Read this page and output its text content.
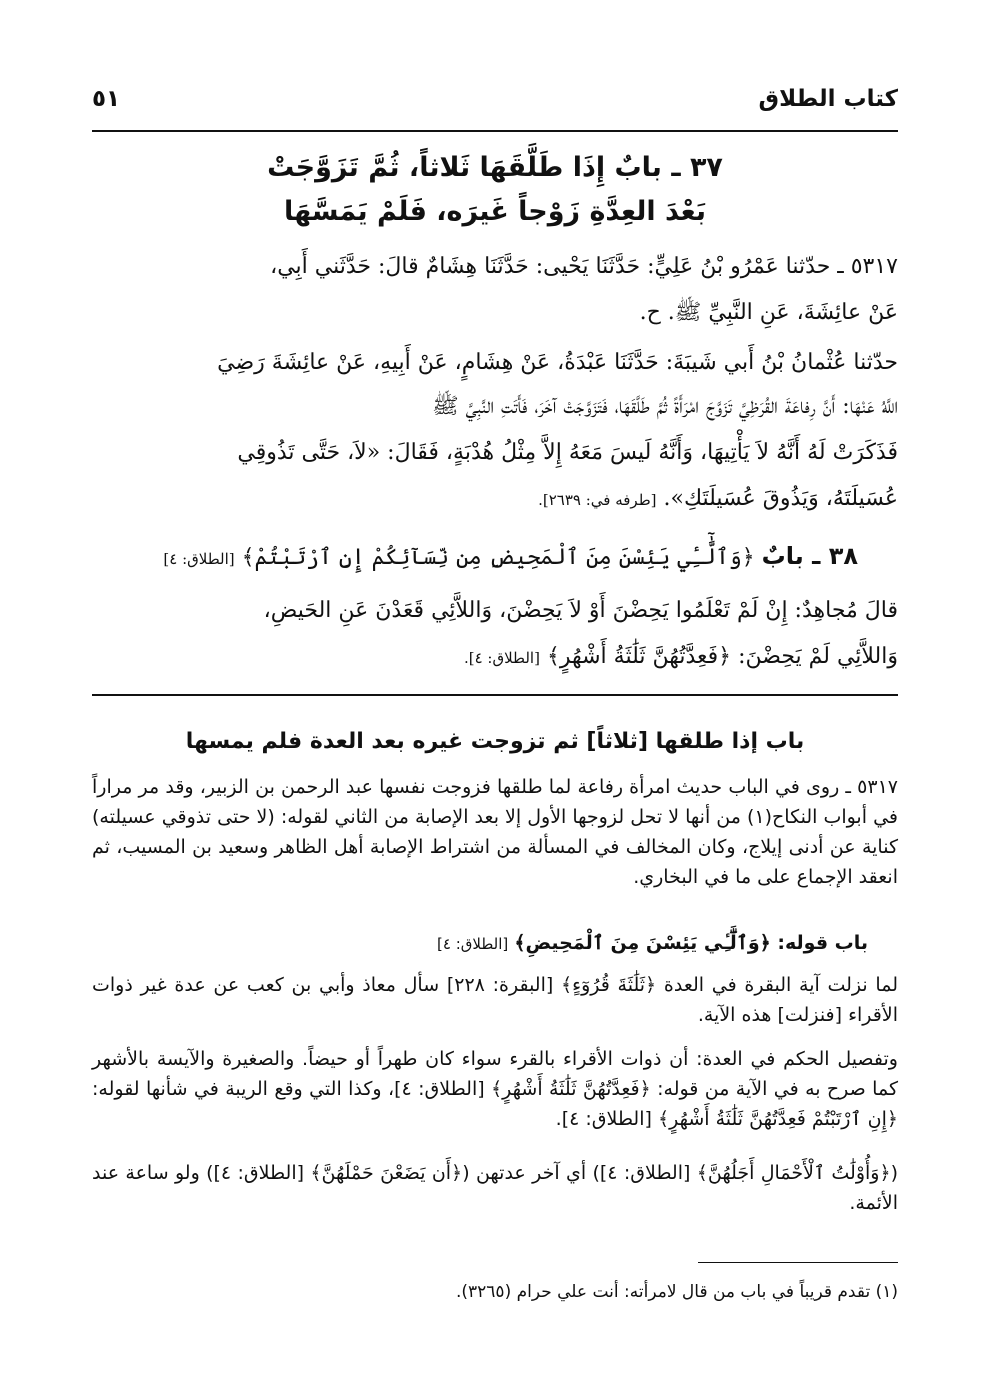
كتاب الطلاق
٥١
٣٧ ـ بابٌ إِذَا طَلَّقَهَا ثَلاثاً، ثُمَّ تَزَوَّجَتْ
بَعْدَ العِدَّةِ زَوْجاً غَيرَه، فَلَمْ يَمَسَّهَا
٥٣١٧ ـ حدّثنا عَمْرُو بْنُ عَلِيٍّ: حَدَّثَنَا يَحْيى: حَدَّثَنَا هِشَامٌ قالَ: حَدَّثَني أَبِي،
عَنْ عائِشَةَ، عَنِ النَّبِيِّ ﷺ. ح.
حدّثنا عُثْمانُ بْنُ أَبي شَيبَةَ: حَدَّثَنَا عَبْدَةُ، عَنْ هِشَامٍ، عَنْ أَبِيهِ، عَنْ عائِشَةَ رَضِيَ
اللَّهُ عَنْهَا: أَنَّ رِفاعَةَ القُرَظِيَّ تَزَوَّجَ امْرَأَةً ثُمَّ طَلَّقَهَا، فَتَزَوَّجَتْ آخَرَ، فَأَتَتِ النَّبِيَّ ﷺ
فَذَكَرَتْ لَهُ أَنَّهُ لاَ يَأْتِيهَا، وَأَنَّهُ لَيسَ مَعَهُ إِلاَّ مِثْلُ هُدْبَةٍ، فَقَالَ: «لاَ، حَتَّى تَذُوقِي
عُسَيلَتَهُ، وَيَذُوقَ عُسَيلَتَكِ». [طرفه في: ٢٦٣٩].
٣٨ ـ بابٌ ﴿وَٱلَّٰٓـِٔي يَئِسْنَ مِنَ ٱلْمَحِيضِ مِن نِّسَآئِكُمْ إِنِ ٱرْتَبْتُمْ﴾ [الطلاق: ٤]
قالَ مُجاهِدٌ: إِنْ لَمْ تَعْلَمُوا يَحِضْنَ أَوْ لاَ يَحِضْنَ، وَاللاَّئِي قَعَدْنَ عَنِ الحَيضِ،
وَاللاَّئِي لَمْ يَحِضْنَ: ﴿فَعِدَّتُهُنَّ ثَلَٰثَةُ أَشْهُرٍ﴾ [الطلاق: ٤].
باب إذا طلقها [ثلاثاً] ثم تزوجت غيره بعد العدة فلم يمسها
٥٣١٧ ـ روى في الباب حديث امرأة رفاعة لما طلقها فزوجت نفسها عبد الرحمن بن الزبير، وقد مر مراراً في أبواب النكاح(١) من أنها لا تحل لزوجها الأول إلا بعد الإصابة من الثاني لقوله: (لا حتى تذوقي عسيلته) كناية عن أدنى إيلاج، وكان المخالف في المسألة من اشتراط الإصابة أهل الظاهر وسعيد بن المسيب، ثم انعقد الإجماع على ما في البخاري.
باب قوله: ﴿وَٱلَّٰٓـِٔي يَئِسْنَ مِنَ ٱلْمَحِيضِ﴾ [الطلاق: ٤]
لما نزلت آية البقرة في العدة ﴿ثَلَٰثَةَ قُرُوٓءٍ﴾ [البقرة: ٢٢٨] سأل معاذ وأبي بن كعب عن عدة غير ذوات الأقراء [فنزلت] هذه الآية.
وتفصيل الحكم في العدة: أن ذوات الأقراء بالقرء سواء كان طهراً أو حيضاً. والصغيرة والآيسة بالأشهر كما صرح به في الآية من قوله: ﴿فَعِدَّتُهُنَّ ثَلَٰثَةُ أَشْهُرٍ﴾ [الطلاق: ٤]، وكذا التي وقع الريبة في شأنها لقوله: ﴿إِنِ ٱرْتَبْتُمْ فَعِدَّتُهُنَّ ثَلَٰثَةُ أَشْهُرٍ﴾ [الطلاق: ٤].
(﴿وَأُوْلَٰتُ ٱلْأَحْمَالِ أَجَلُهُنَّ﴾ [الطلاق: ٤]) أي آخر عدتهن (﴿أَن يَضَعْنَ حَمْلَهُنَّ﴾ [الطلاق: ٤]) ولو ساعة عند الأئمة.
(١) تقدم قريباً في باب من قال لامرأته: أنت علي حرام (٣٢٦٥).
